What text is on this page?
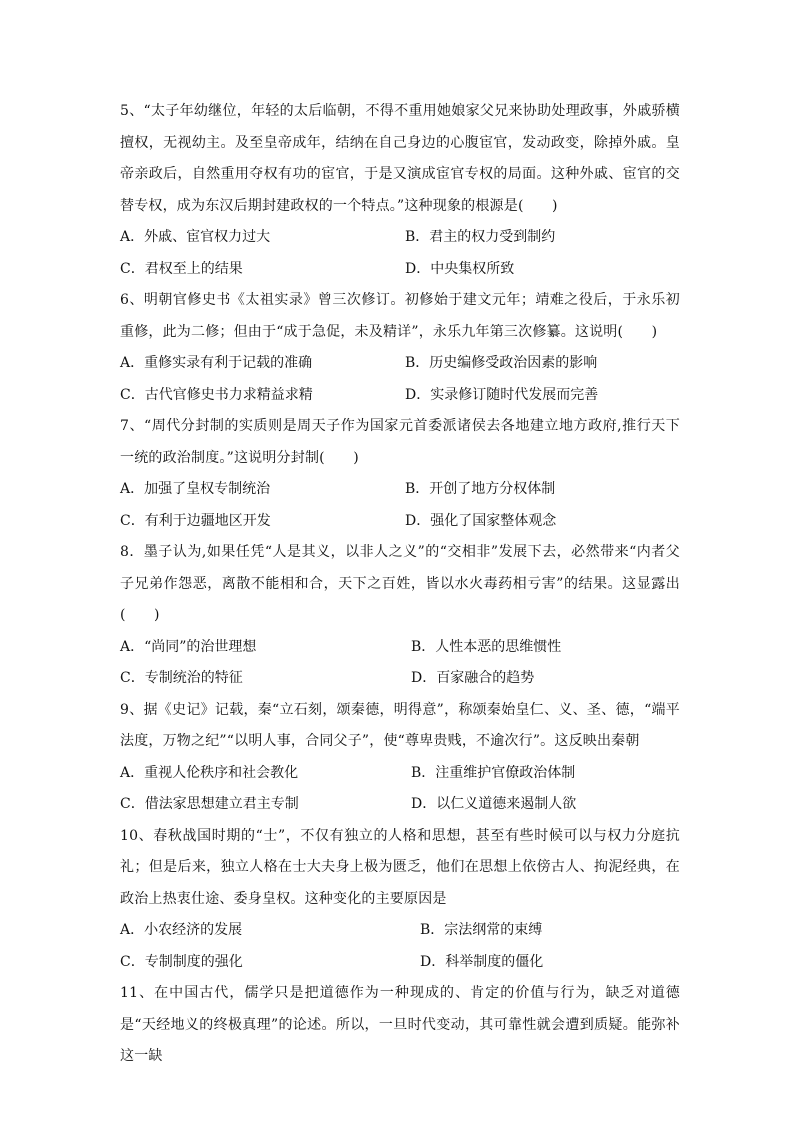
5、“太子年幼继位，年轻的太后临朝，不得不重用她娘家父兄来协助处理政事，外戚骄横擅权，无视幼主。及至皇帝成年，结纳在自己身边的心腹宦官，发动政变，除掉外戚。皇帝亲政后，自然重用夺权有功的宦官，于是又演成宦官专权的局面。这种外戚、宦官的交替专权，成为东汉后期封建政权的一个特点。”这种现象的根源是(　　)

A．外戚、宦官权力过大	B．君主的权力受到制约
C．君权至上的结果	D．中央集权所致

6、明朝官修史书《太祖实录》曾三次修订。初修始于建文元年；靖难之役后，于永乐初重修，此为二修；但由于“成于急促，未及精详”，永乐九年第三次修纂。这说明(　　)

A．重修实录有利于记载的准确	B．历史编修受政治因素的影响
C．古代官修史书力求精益求精	D．实录修订随时代发展而完善

7、“周代分封制的实质则是周天子作为国家元首委派诸侯去各地建立地方政府,推行天下一统的政治制度。”这说明分封制(　　)

A．加强了皇权专制统治	B．开创了地方分权体制
C．有利于边疆地区开发	D．强化了国家整体观念

8．墨子认为,如果任凭“人是其义，以非人之义”的“交相非”发展下去，必然带来“内者父子兄弟作怨恶，离散不能相和合，天下之百姓，皆以水火毒药相亏害”的结果。这显露出(　　)

A．“尚同”的治世理想	B．人性本恶的思维惯性
C．专制统治的特征	D．百家融合的趋势

9、据《史记》记载，秦“立石刻，颂秦德，明得意”，称颂秦始皇仁、义、圣、德，“端平法度，万物之纪”“以明人事，合同父子”，使“尊卑贵贱，不逾次行”。这反映出秦朝

A．重视人伦秩序和社会教化	B．注重维护官僚政治体制
C．借法家思想建立君主专制	D．以仁义道德来遏制人欲

10、春秋战国时期的“士”，不仅有独立的人格和思想，甚至有些时候可以与权力分庭抗礼；但是后来，独立人格在士大夫身上极为匮乏，他们在思想上依傍古人、拘泥经典，在政治上热衷仕途、委身皇权。这种变化的主要原因是

A．小农经济的发展	B．宗法纲常的束缚
C．专制制度的强化	D．科举制度的僵化

11、在中国古代，儒学只是把道德作为一种现成的、肯定的价值与行为，缺乏对道德是“天经地义的终极真理”的论述。所以，一旦时代变动，其可靠性就会遭到质疑。能弥补这一缺
